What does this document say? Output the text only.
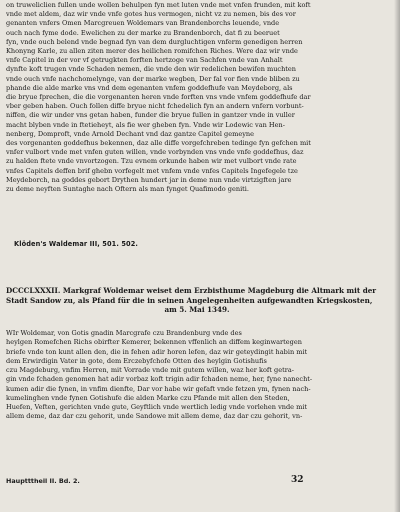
on truweliclien fullen unde wollen behulpen fyn met luten vnde met vnfen frunden, mit koft
vnde met aldem, daz wir vnde vnfe gotes hus vermogen, nicht vz zu nemen, bis des vor
genanten vnfers Omen Marcgreuen Woldemars van Brandenborchs leuende, vnde
ouch nach fyme dode. Ewelichen zu der marke zu Brandenborch, dat fi zu beeruet
fyn, vnde ouch belend vnde begnad fyn van dem durgluchtigen vnferm genedigen herren
Khonyng Karle, zu allen ziten merer des heilichen romifchen Riches. Were daz wir vnde
vnfe Capitel in der vor vf getrugkten forften hertzoge van Sachfen vnde van Anhalt
dynfte koft trugen vnde Schaden nemen, die vnde den wir redelichen bewifen muchten
vnde ouch vnfe nachchomelynge, van der marke wegben, Der fal vor fien vnde bliben zu
phande die alde marke vns vnd dem egenanten vnfem goddefhufe van Meydeborg, als
die bryue fprechen, die die vorgenanten heren vnde forften vns vnde vnfem goddefhufe dar
vber geben haben. Ouch follen diffe bryue nicht fchedelich fyn an andern vnfern vorbunt-
niffen, die wir under vns getan haben, funder die bryue fullen in gantzer vnde in vuller
macht blyben vnde in ftetieheyt, als fie wer gheben fyn. Vnde wir Lodewic van Hen-
nenberg, Domproft, vnde Arnold Dechant vnd daz gantze Capitel gemeyne
des vorgenanten goddefhus bekennen, daz alle diffe vorgefchreben tedinge fyn gefchen mit
vnfer vulbort vnde met vnfen guten willen, vnde vorbynden vns vnde vnfe goddefhus, daz
zu halden ftete vnde vnvortzogen. Tzu evnem orkunde haben wir met vulbort vnde rate
vnfes Capitels deffen brif ghebn vorfegelt met vnfem vnde vnfes Capitels Ingefegele tze
Meydeborch, na goddes gebort Drythen hundert jar in deme nun vnde virtzigften jare
zu deme neyften Suntaghe nach Oftern als man fynget Quafimodo geniti.
Klöden's Waldemar III, 501. 502.
DCCCLXXXII. Markgraf Woldemar weiset dem Erzbisthume Magdeburg die Altmark mit der
Stadt Sandow zu, als Pfand für die in seinen Angelegenheiten aufgewandten Kriegskosten,
am 5. Mai 1349.
WIr Woldemar, von Gotis gnadin Marcgrafe czu Brandenburg vnde des
heylgen Romefchen Richs obirfter Kemerer, bekennen vffenlich an diffem keginwartegen
briefe vnde ton kunt allen den, die in fehen adir horen lefen, daz wir geteydingit habin mit
dem Erwirdigin Vater in gote, dem Erczebyfchofe Otten des heylgin Gotishufis
czu Magdeburg, vnfim Herren, mit Vorrade vnde mit gutem willen, waz her koft getra-
gin vnde fchaden genomen hat adir vorbaz koft trigin adir fchaden neme, her, fyne nanecht-
kumen adir die fynen, in vnfim dienfte, Dar vor habe wir gefaft vnde fetzen ym, fynen nach-
kumelinghen vnde fynen Gotishufe die alden Marke czu Pfande mit allen den Steden,
Huefen, Veften, gerichten vnde gute, Geyftlich vnde wertlich ledig vnde vorlehen vnde mit
allem deme, daz dar czu gehorit, unde Sandowe mit allem deme, daz dar czu gehorit, vn-
Hauptttheil II. Bd. 2.	32
